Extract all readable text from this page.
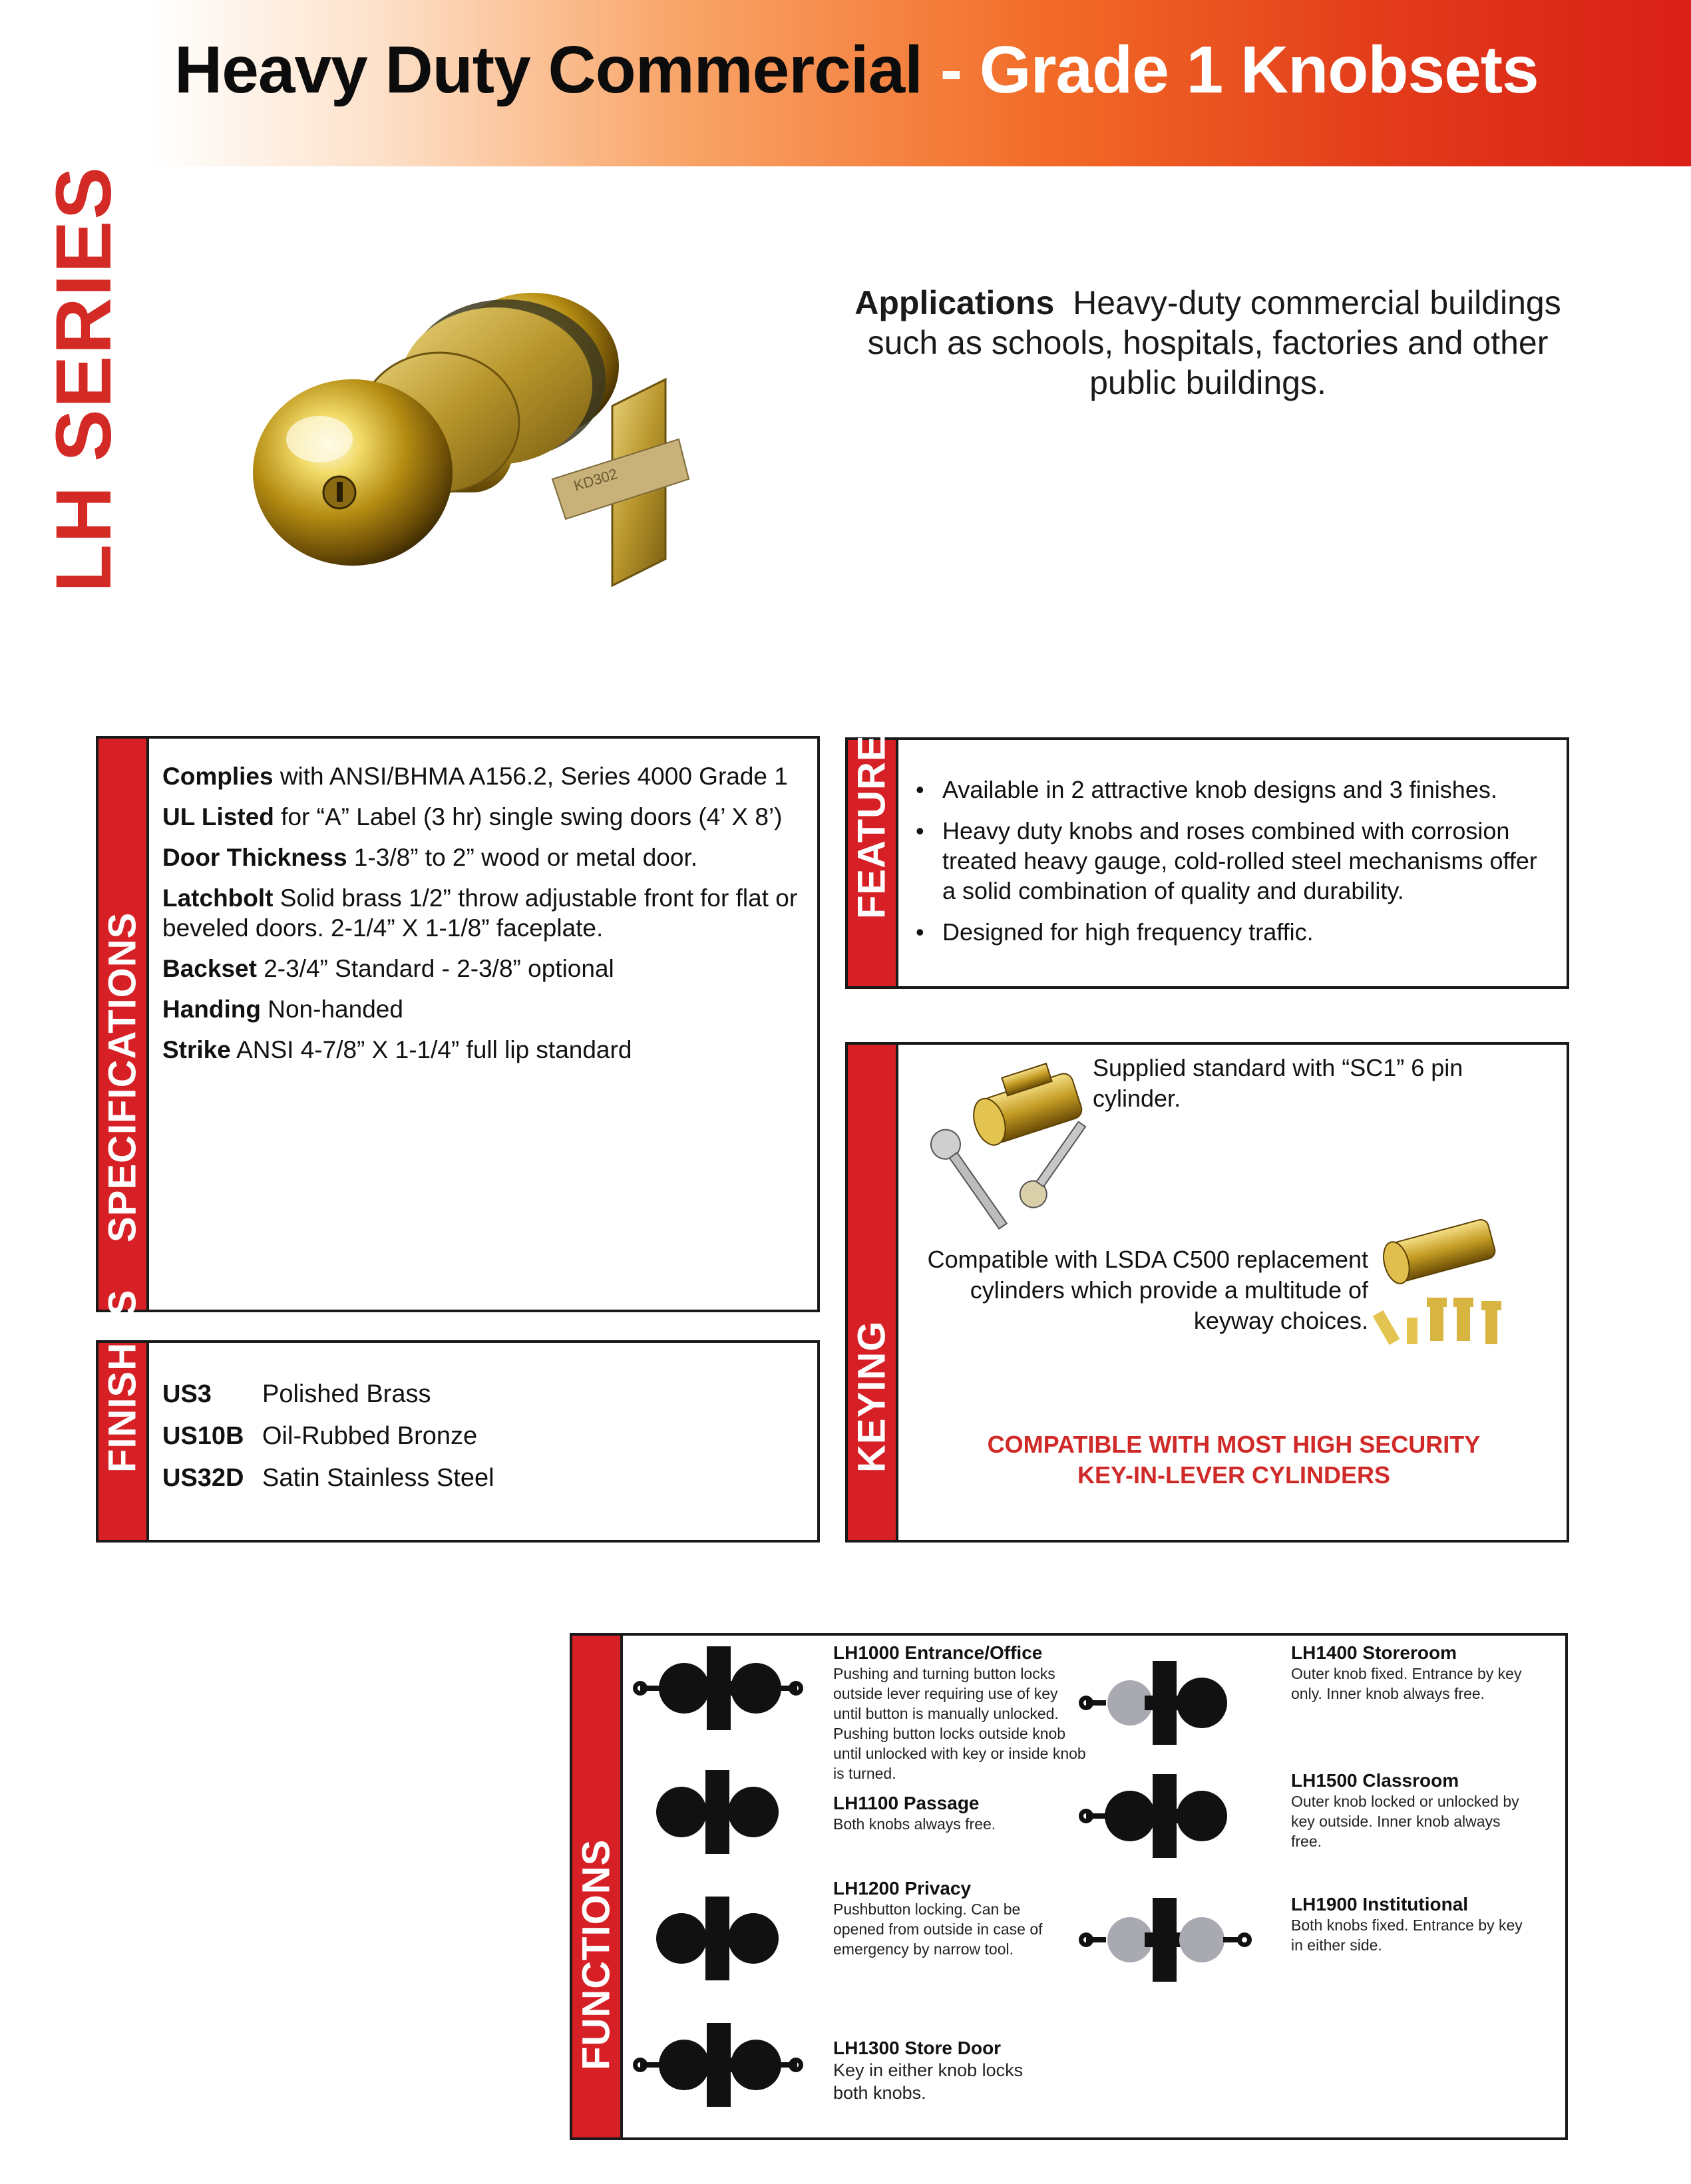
Heavy Duty Commercial - Grade 1 Knobsets
LH SERIES	KD302
Applications Heavy-duty commercial buildings such as schools, hospitals, factories and other public buildings.
SPECIFICATIONS
Complies with ANSI/BHMA A156.2, Series 4000 Grade 1
UL Listed for “A” Label (3 hr) single swing doors (4’ X 8’)
Door Thickness 1-3/8” to 2” wood or metal door.
Latchbolt Solid brass 1/2” throw adjustable front for flat or beveled doors. 2-1/4” X 1-1/8” faceplate.
Backset 2-3/4” Standard - 2-3/8” optional
Handing Non-handed
Strike ANSI 4-7/8” X 1-1/4” full lip standard
FINISHES US3 Polished Brass
US10B Oil-Rubbed Bronze
US32D Satin Stainless Steel
FEATURES
•	Available in 2 attractive knob designs and 3 finishes.
• Heavy duty knobs and roses combined with corrosion treated heavy gauge, cold-rolled steel mechanisms offer a solid combination of quality and durability.
• Designed for high frequency traffic.
KEYING
Supplied standard with “SC1” 6 pin cylinder.
Compatible with LSDA C500 replacement cylinders which provide a multitude of keyway choices.
COMPATIBLE WITH MOST HIGH SECURITY
KEY-IN-LEVER CYLINDERS
FUNCTIONS
LH1000 Entrance/Office
Pushing and turning button locks outside lever requiring use of key until button is manually unlocked. Pushing button locks outside knob until unlocked with key or inside knob is turned.
LH1100 Passage
Both knobs always free.
LH1200 Privacy
Pushbutton locking. Can be opened from outside in case of emergency by narrow tool.
LH1300 Store Door
Key in either knob locks both knobs.
LH1400 Storeroom
Outer knob fixed. Entrance by key only. Inner knob always free.
LH1500 Classroom
Outer knob locked or unlocked by key outside. Inner knob always free.
LH1900 Institutional
Both knobs fixed. Entrance by key in either side.
